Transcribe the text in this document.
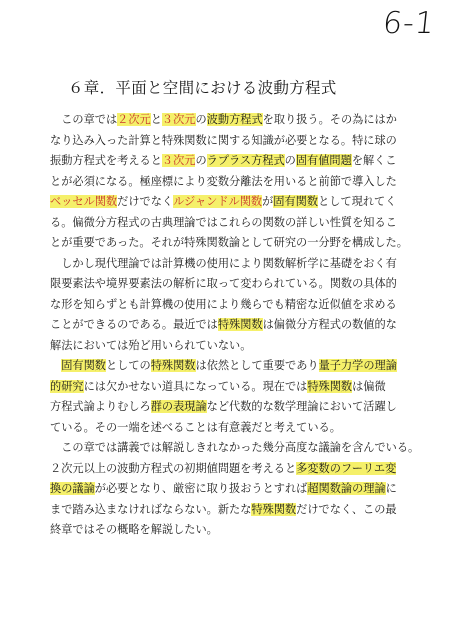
6-1
６章．平面と空間における波動方程式
　この章では２次元と３次元の波動方程式を取り扱う。その為にはか
なり込み入った計算と特殊関数に関する知識が必要となる。特に球の
振動方程式を考えると３次元のラプラス方程式の固有値問題を解くこ
とが必須になる。極座標により変数分離法を用いると前節で導入した
ベッセル関数だけでなくルジャンドル関数が固有関数として現れてく
る。偏微分方程式の古典理論ではこれらの関数の詳しい性質を知るこ
とが重要であった。それが特殊関数論として研究の一分野を構成した。
　しかし現代理論では計算機の使用により関数解析学に基礎をおく有
限要素法や境界要素法の解析に取って変わられている。関数の具体的
な形を知らずとも計算機の使用により幾らでも精密な近似値を求める
ことができるのである。最近では特殊関数は偏微分方程式の数値的な
解法においては殆ど用いられていない。
　固有関数としての特殊関数は依然として重要であり量子力学の理論
的研究には欠かせない道具になっている。現在では特殊関数は偏微
方程式論よりむしろ群の表現論など代数的な数学理論において活躍し
ている。その一端を述べることは有意義だと考えている。
　この章では講義では解説しきれなかった幾分高度な議論を含んでいる。
２次元以上の波動方程式の初期値問題を考えると多変数のフーリエ変
換の議論が必要となり、厳密に取り扱おうとすれば超関数論の理論に
まで踏み込まなければならない。新たな特殊関数だけでなく、この最
終章ではその概略を解説したい。
